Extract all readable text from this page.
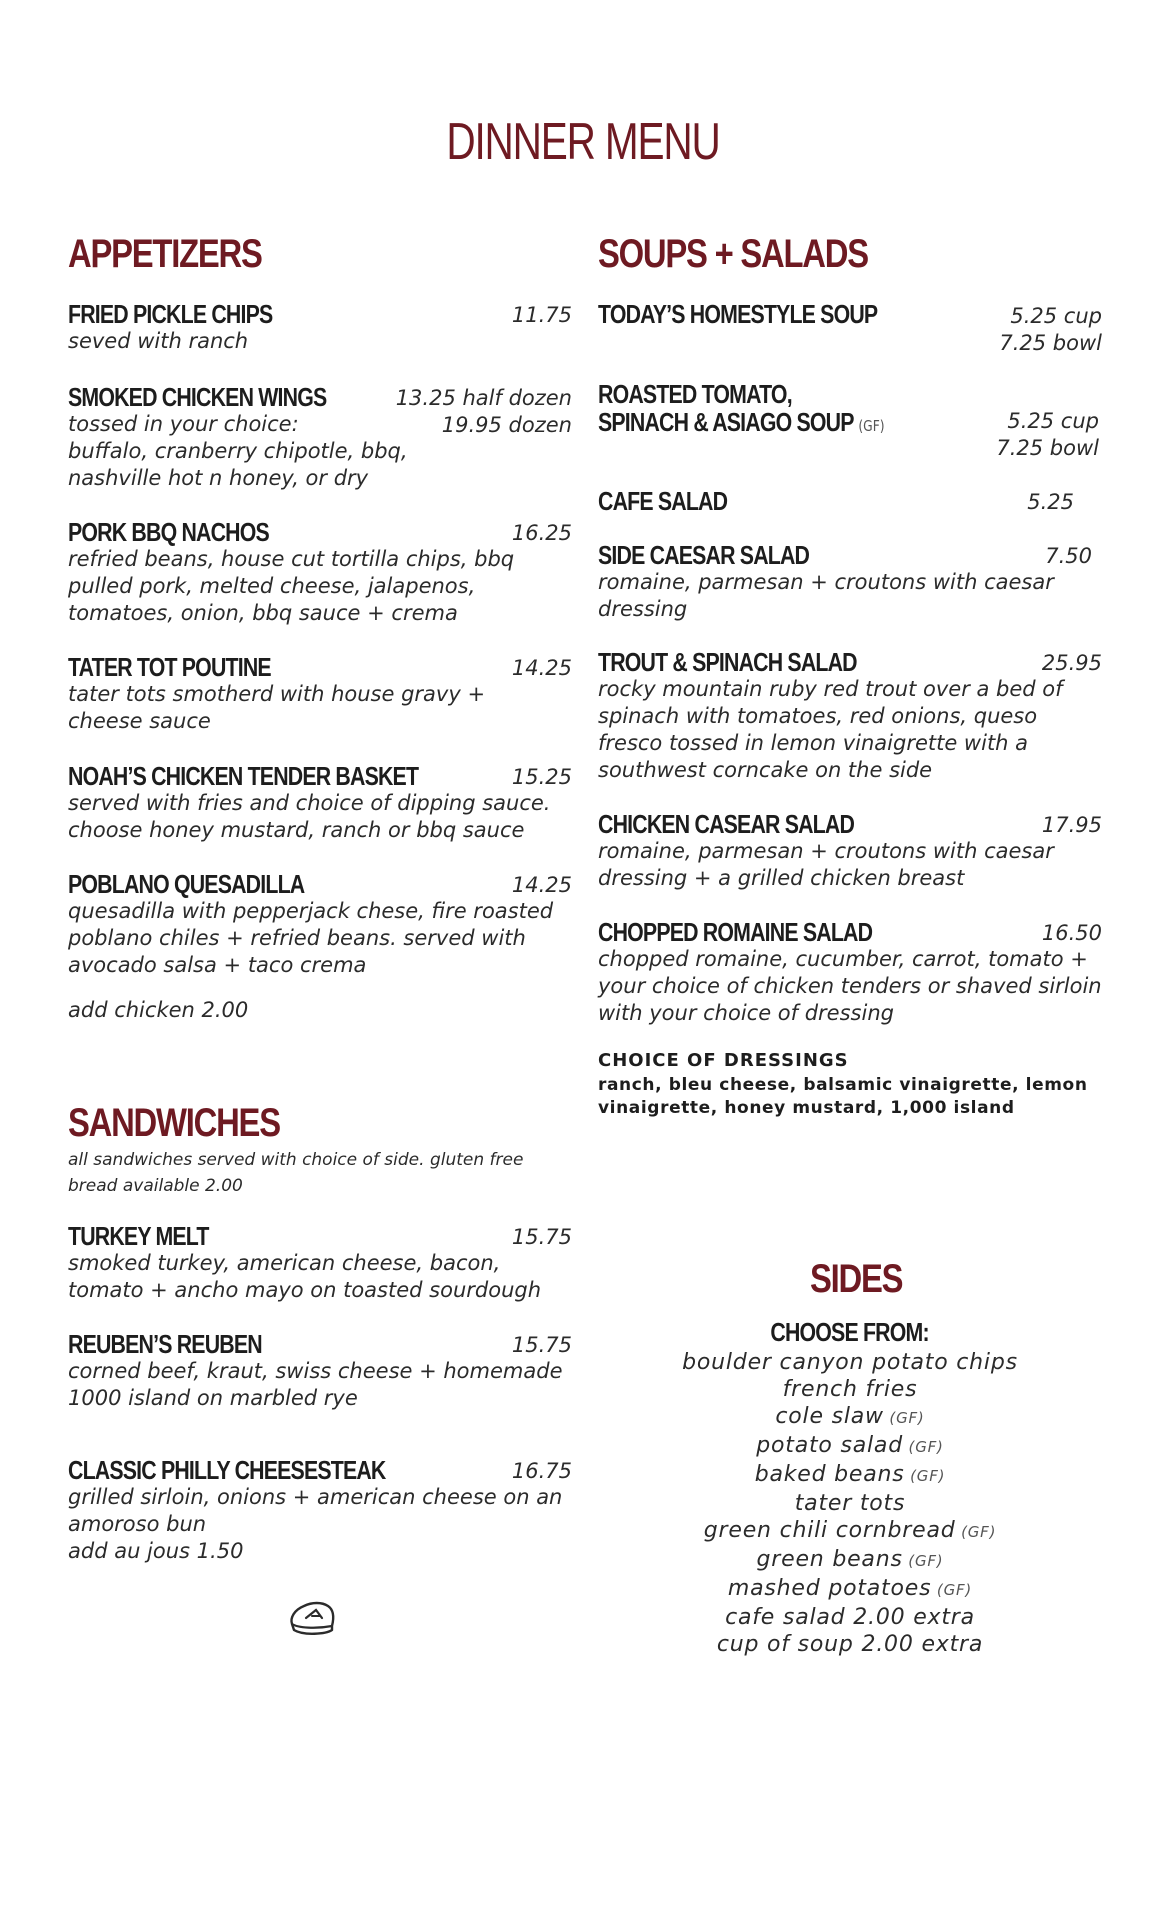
DINNER MENU
APPETIZERS
FRIED PICKLE CHIPS	11.75
seved with ranch
SMOKED CHICKEN WINGS	13.25 half dozen
19.95 dozen
tossed in your choice:
buffalo, cranberry chipotle, bbq, nashville hot n honey, or dry
PORK BBQ NACHOS	16.25
refried beans, house cut tortilla chips, bbq pulled pork, melted cheese, jalapenos, tomatoes, onion, bbq sauce + crema
TATER TOT POUTINE	14.25
tater tots smotherd with house gravy + cheese sauce
NOAH’S CHICKEN TENDER BASKET	15.25
served with fries and choice of dipping sauce. choose honey mustard, ranch or bbq sauce
POBLANO QUESADILLA	14.25
quesadilla with pepperjack chese, fire roasted poblano chiles + refried beans. served with avocado salsa + taco crema
add chicken 2.00
SANDWICHES
all sandwiches served with choice of side. gluten free bread available 2.00
TURKEY MELT	15.75
smoked turkey, american cheese, bacon, tomato + ancho mayo on toasted sourdough
REUBEN’S REUBEN	15.75
corned beef, kraut, swiss cheese + homemade 1000 island on marbled rye
CLASSIC PHILLY CHEESESTEAK	16.75
grilled sirloin, onions + american cheese on an amoroso bun
add au jous 1.50
SOUPS + SALADS
TODAY’S HOMESTYLE SOUP	5.25 cup
7.25 bowl
ROASTED TOMATO,
SPINACH & ASIAGO SOUP (GF)	5.25 cup
7.25 bowl
CAFE SALAD	5.25
SIDE CAESAR SALAD	7.50
romaine, parmesan + croutons with caesar dressing
TROUT & SPINACH SALAD	25.95
rocky mountain ruby red trout over a bed of spinach with tomatoes, red onions, queso fresco tossed in lemon vinaigrette with a southwest corncake on the side
CHICKEN CASEAR SALAD	17.95
romaine, parmesan + croutons with caesar dressing + a grilled chicken breast
CHOPPED ROMAINE SALAD	16.50
chopped romaine, cucumber, carrot, tomato + your choice of chicken tenders or shaved sirloin with your choice of dressing
CHOICE OF DRESSINGS
ranch, bleu cheese, balsamic vinaigrette, lemon vinaigrette, honey mustard, 1,000 island
SIDES
CHOOSE FROM:
boulder canyon potato chips
french fries
cole slaw (GF)
potato salad (GF)
baked beans (GF)
tater tots
green chili cornbread (GF)
green beans (GF)
mashed potatoes (GF)
cafe salad 2.00 extra
cup of soup 2.00 extra
